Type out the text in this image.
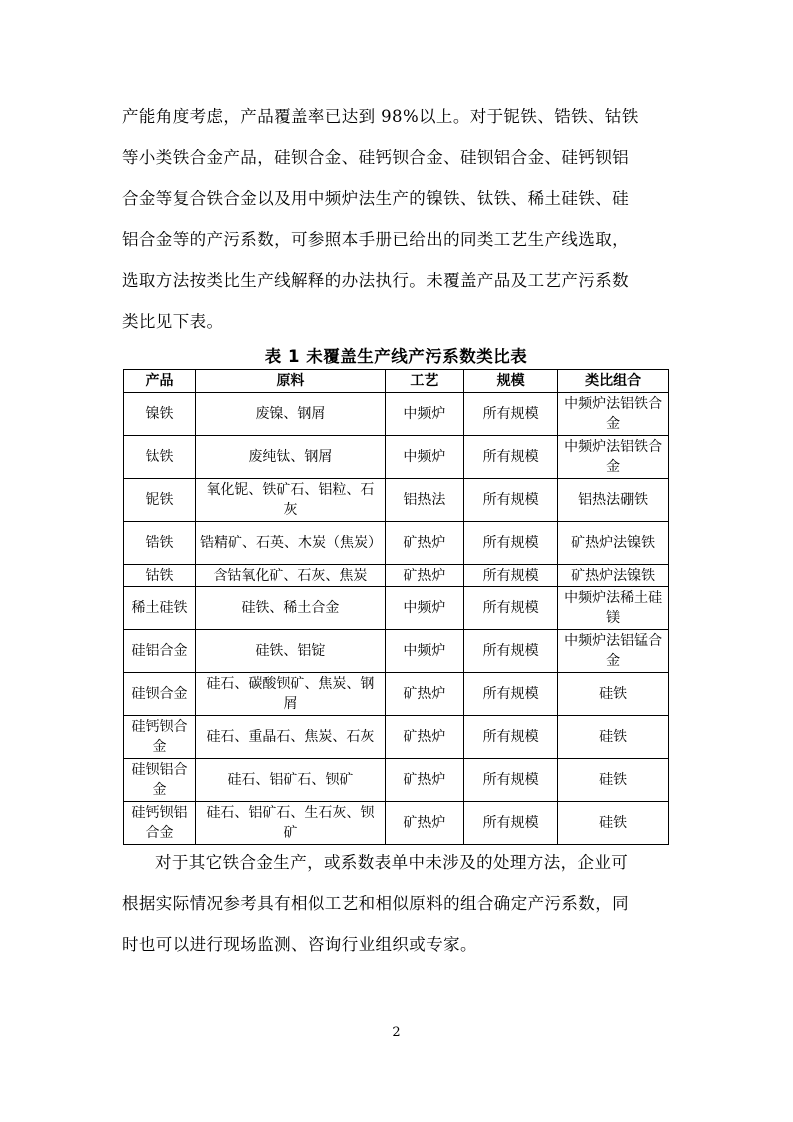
产能角度考虑，产品覆盖率已达到 98%以上。对于铌铁、锆铁、钴铁
等小类铁合金产品，硅钡合金、硅钙钡合金、硅钡铝合金、硅钙钡铝
合金等复合铁合金以及用中频炉法生产的镍铁、钛铁、稀土硅铁、硅
铝合金等的产污系数，可参照本手册已给出的同类工艺生产线选取，
选取方法按类比生产线解释的办法执行。未覆盖产品及工艺产污系数
类比见下表。
表 1 未覆盖生产线产污系数类比表
产品	原料	工艺	规模	类比组合
镍铁	废镍、钢屑	中频炉	所有规模	中频炉法铝铁合金
钛铁	废纯钛、钢屑	中频炉	所有规模	中频炉法铝铁合金
铌铁	氧化铌、铁矿石、铝粒、石灰	铝热法	所有规模	铝热法硼铁
锆铁	锆精矿、石英、木炭（焦炭）	矿热炉	所有规模	矿热炉法镍铁
钴铁	含钴氧化矿、石灰、焦炭	矿热炉	所有规模	矿热炉法镍铁
稀土硅铁	硅铁、稀土合金	中频炉	所有规模	中频炉法稀土硅镁
硅铝合金	硅铁、铝锭	中频炉	所有规模	中频炉法铝锰合金
硅钡合金	硅石、碳酸钡矿、焦炭、钢屑	矿热炉	所有规模	硅铁
硅钙钡合金	硅石、重晶石、焦炭、石灰	矿热炉	所有规模	硅铁
硅钡铝合金	硅石、铝矿石、钡矿	矿热炉	所有规模	硅铁
硅钙钡铝合金	硅石、铝矿石、生石灰、钡矿	矿热炉	所有规模	硅铁
对于其它铁合金生产，或系数表单中未涉及的处理方法，企业可
根据实际情况参考具有相似工艺和相似原料的组合确定产污系数，同
时也可以进行现场监测、咨询行业组织或专家。
2
